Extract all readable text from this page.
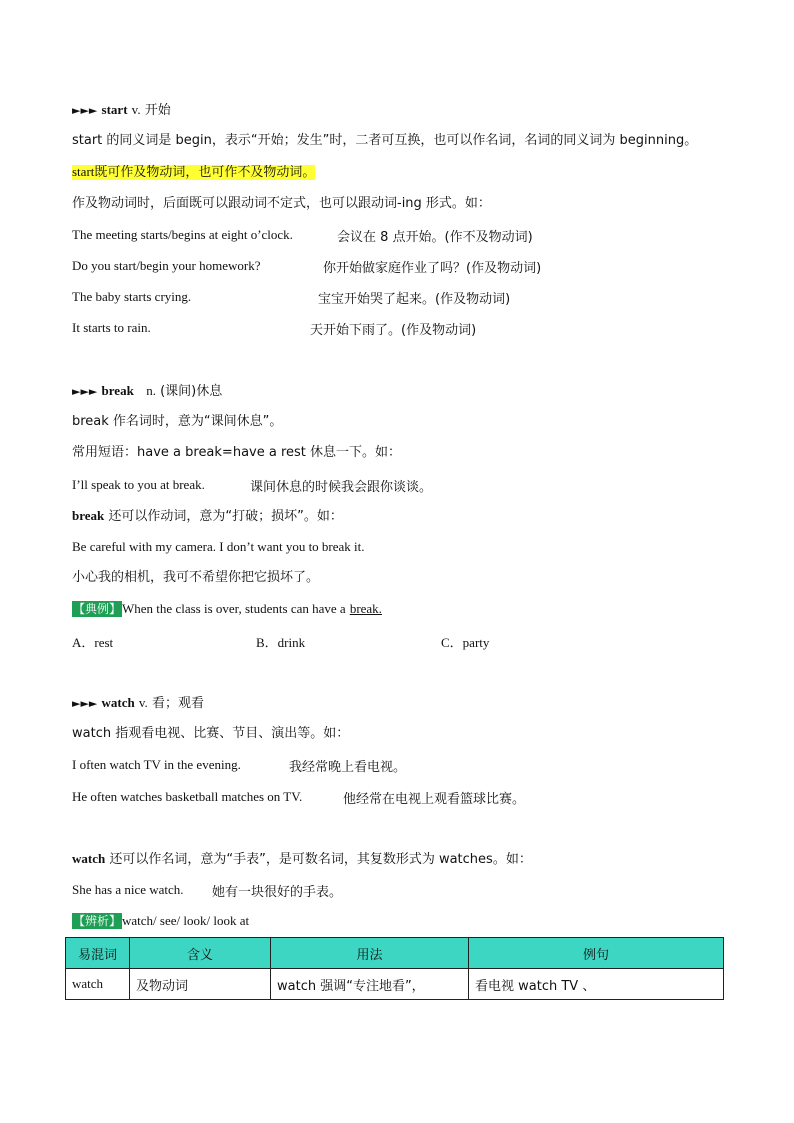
►►► start v. 开始
start 的同义词是 begin，表示“开始；发生”时，二者可互换，也可以作名词，名词的同义词为 beginning。
start既可作及物动词，也可作不及物动词。
作及物动词时，后面既可以跟动词不定式，也可以跟动词-ing 形式。如：
The meeting starts/begins at eight o’clock.	会议在 8 点开始。(作不及物动词)
Do you start/begin your homework?	你开始做家庭作业了吗？(作及物动词)
The baby starts crying.	宝宝开始哭了起来。(作及物动词)
It starts to rain.	天开始下雨了。(作及物动词)
►►► break n. (课间)休息
break 作名词时，意为“课间休息”。
常用短语：have a break=have a rest 休息一下。如：
I’ll speak to you at break.	课间休息的时候我会跟你谈谈。
break 还可以作动词，意为“打破；损坏”。如：
Be careful with my camera. I don’t want you to break it.
小心我的相机，我可不希望你把它损坏了。
【典例】When the class is over, students can have a break.
A．rest	B．drink	C．party
►►► watch v. 看；观看
watch 指观看电视、比赛、节目、演出等。如：
I often watch TV in the evening.	我经常晚上看电视。
He often watches basketball matches on TV.	他经常在电视上观看篮球比赛。
watch 还可以作名词，意为“手表”，是可数名词，其复数形式为 watches。如：
She has a nice watch. 她有一块很好的手表。
【辨析】watch/ see/ look/ look at
易混词	含义	用法	例句
watch	及物动词	watch 强调“专注地看”，	看电视 watch TV 、
